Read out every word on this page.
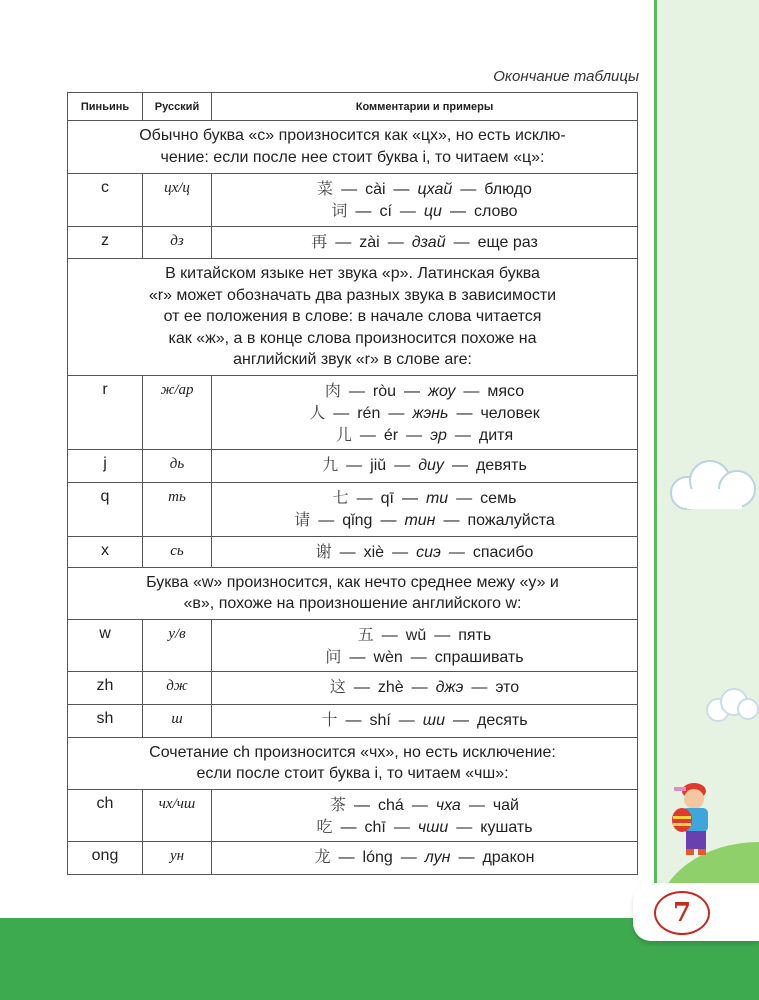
7
Окончание таблицы
Пиньинь	Русский	Комментарии и примеры

Обычно буква «c» произносится как «цх», но есть исклю-
чение: если после нее стоит буква i, то читаем «ц»:		

c	цх/ц	菜 — cài — цхай — блюдо
词 — cí — ци — слово

z	дз	再 — zài — дзай — еще раз

В китайском языке нет звука «р». Латинская буква
«r» может обозначать два разных звука в зависимости
от ее положения в слове: в начале слова читается
как «ж», а в конце слова произносится похоже на
английский звук «r» в слове are:		

r	ж/ар	肉 — ròu — жоу — мясо
人 — rén — жэнь — человек
儿 — ér — эр — дитя

j	дь	九 — jiǔ — диу — девять

q	ть	七 — qī — ти — семь
请 — qǐng — тин — пожалуйста

x	сь	谢 — xiè — сиэ — спасибо

Буква «w» произносится, как нечто среднее межу «у» и
«в», похоже на произношение английского w:		

w	у/в	五 — wǔ — пять
问 — wèn — спрашивать

zh	дж	这 — zhè — джэ — это

sh	ш	十 — shí — ши — десять

Сочетание ch произносится «чх», но есть исключение:
если после стоит буква i, то читаем «чш»:		

ch	чх/чш	茶 — chá — чха — чай
吃 — chī — чши — кушать

ong	ун	龙 — lóng — лун — дракон
